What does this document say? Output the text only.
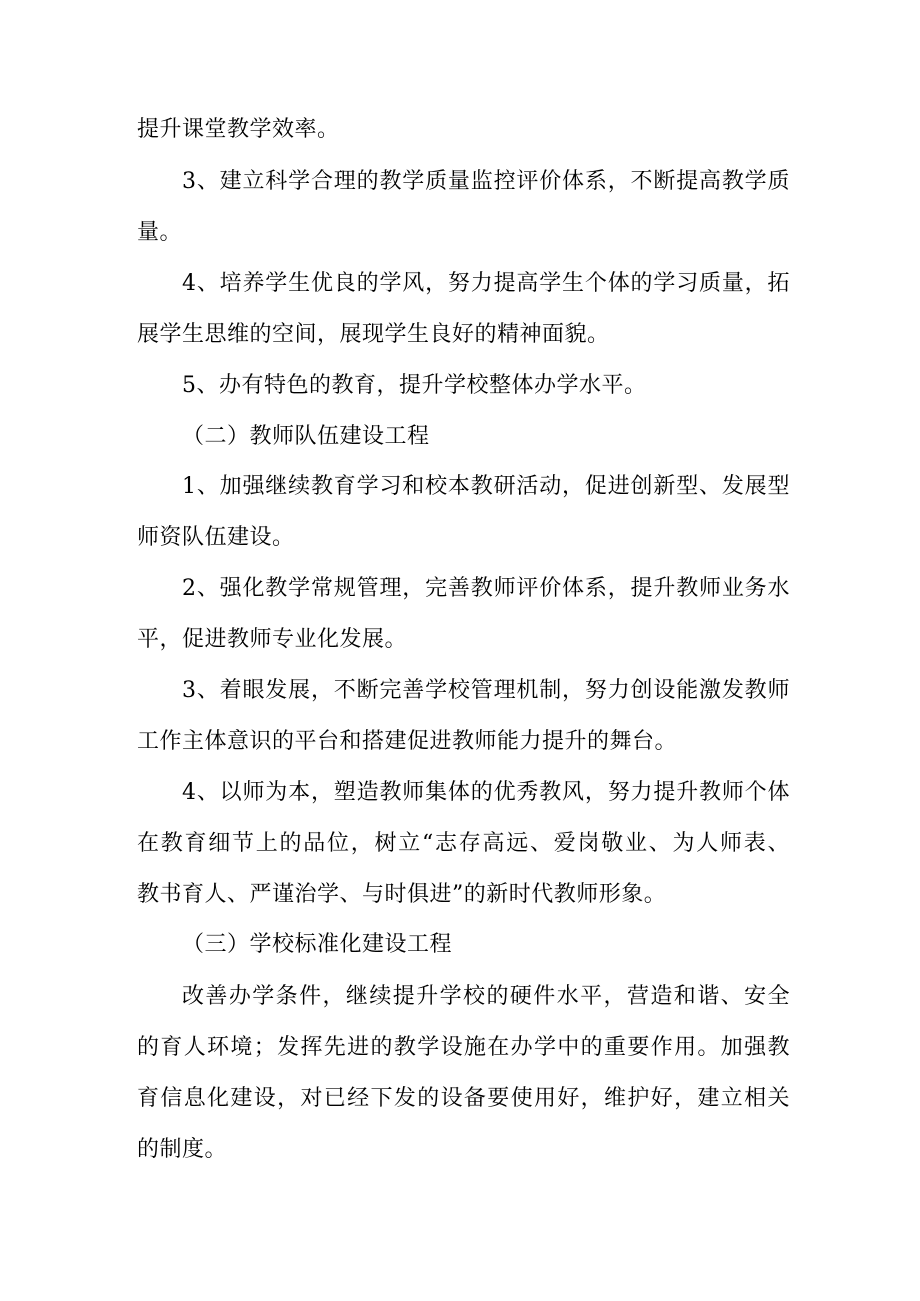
提升课堂教学效率。
3、建立科学合理的教学质量监控评价体系，不断提高教学质
量。
4、培养学生优良的学风，努力提高学生个体的学习质量，拓
展学生思维的空间，展现学生良好的精神面貌。
5、办有特色的教育，提升学校整体办学水平。
（二）教师队伍建设工程
1、加强继续教育学习和校本教研活动，促进创新型、发展型
师资队伍建设。
2、强化教学常规管理，完善教师评价体系，提升教师业务水
平，促进教师专业化发展。
3、着眼发展，不断完善学校管理机制，努力创设能激发教师
工作主体意识的平台和搭建促进教师能力提升的舞台。
4、以师为本，塑造教师集体的优秀教风，努力提升教师个体
在教育细节上的品位，树立“志存高远、爱岗敬业、为人师表、
教书育人、严谨治学、与时俱进”的新时代教师形象。
（三）学校标准化建设工程
改善办学条件，继续提升学校的硬件水平，营造和谐、安全
的育人环境；发挥先进的教学设施在办学中的重要作用。加强教
育信息化建设，对已经下发的设备要使用好，维护好，建立相关
的制度。
